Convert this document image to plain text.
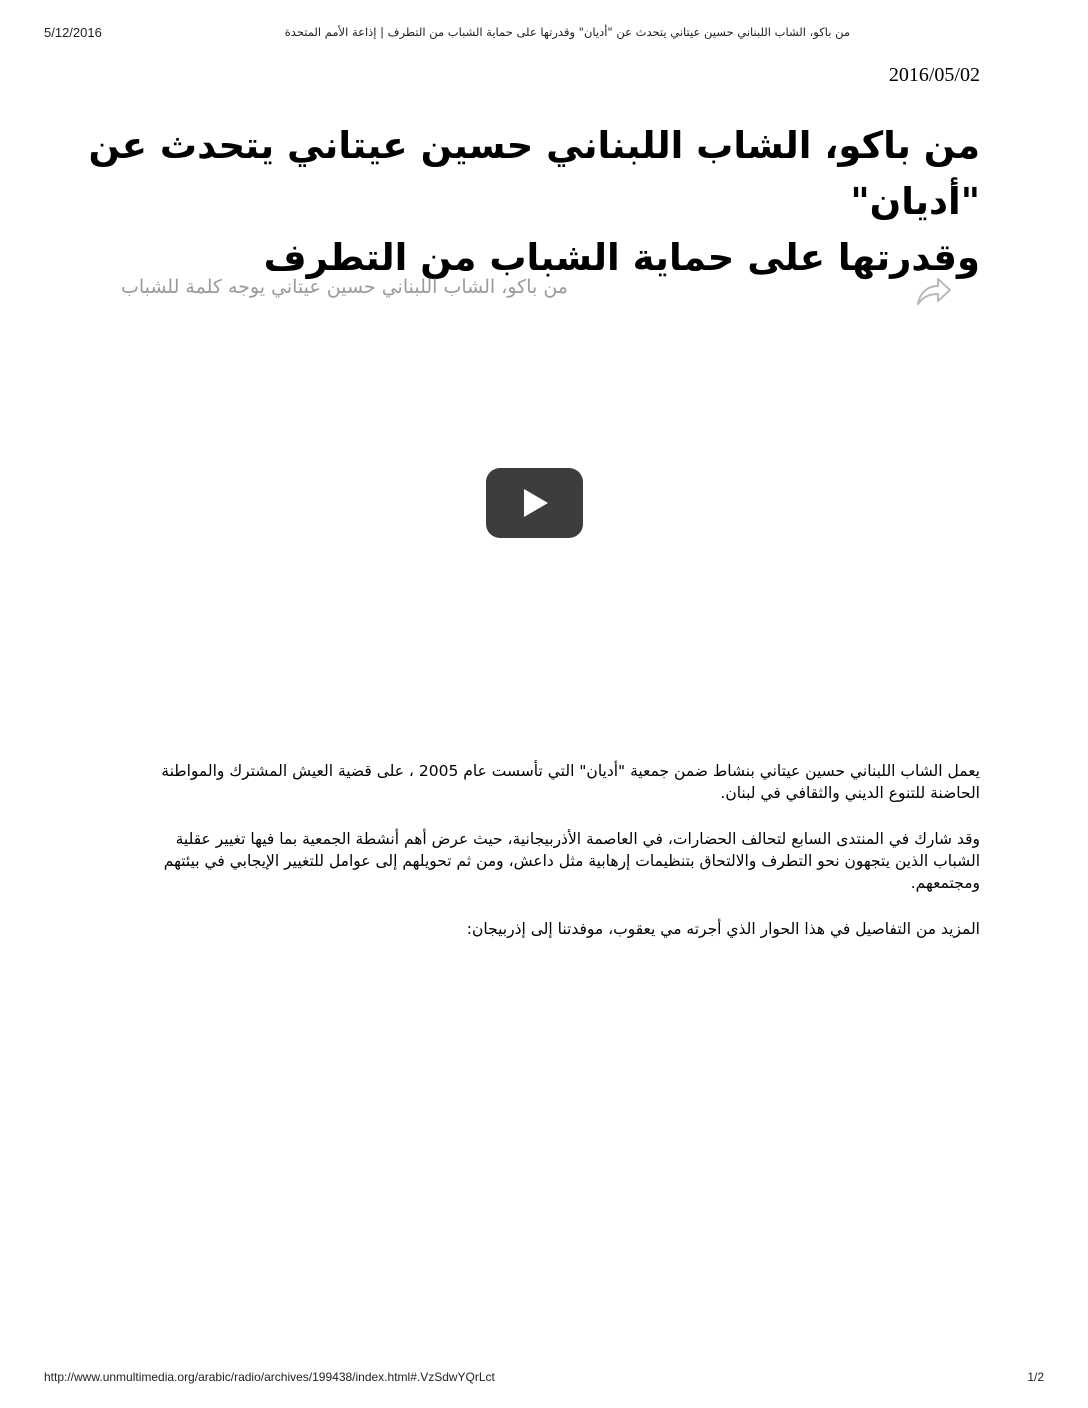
5/12/2016	من باكو، الشاب اللبناني حسين عيتاني يتحدث عن "أديان" وقدرتها على حماية الشباب من التطرف | إذاعة الأمم المتحدة
2016/05/02
من باكو، الشاب اللبناني حسين عيتاني يتحدث عن "أديان"
وقدرتها على حماية الشباب من التطرف
من باكو، الشاب اللبناني حسين عيتاني يوجه كلمة للشباب

يعمل الشاب اللبناني حسين عيتاني بنشاط ضمن جمعية "أديان" التي تأسست عام 2005 ، على قضية العيش المشترك والمواطنة الحاضنة للتنوع الديني والثقافي في لبنان.

وقد شارك في المنتدى السابع لتحالف الحضارات، في العاصمة الأذربيجانية، حيث عرض أهم أنشطة الجمعية بما فيها تغيير عقلية الشباب الذين يتجهون نحو التطرف والالتحاق بتنظيمات إرهابية مثل داعش، ومن ثم تحويلهم إلى عوامل للتغيير الإيجابي في بيئتهم ومجتمعهم.

المزيد من التفاصيل في هذا الحوار الذي أجرته مي يعقوب، موفدتنا إلى إذربيجان:

http://www.unmultimedia.org/arabic/radio/archives/199438/index.html#.VzSdwYQrLct	1/2
